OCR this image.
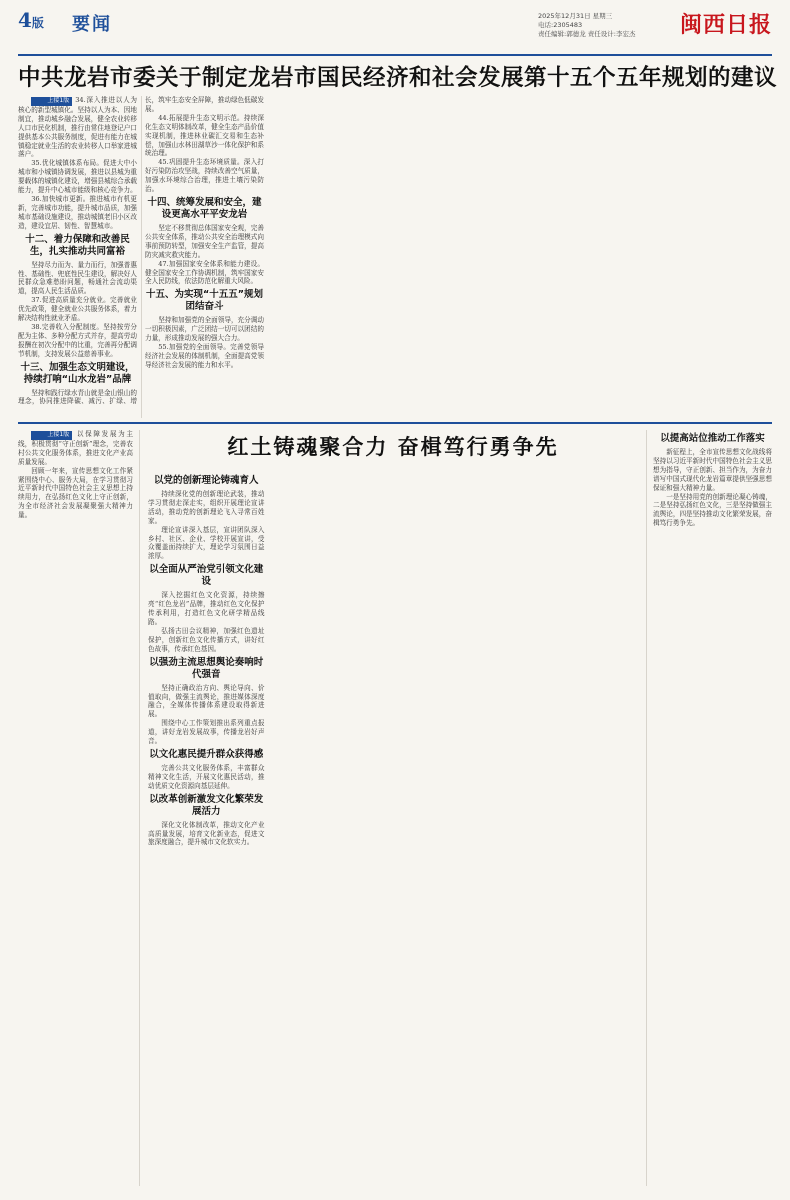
4版 要闻	2025年12月31日 星期三
电话:2305483
责任编辑:郭德龙 责任设计:李宏杰 闽西日报
中共龙岩市委关于制定龙岩市国民经济和社会发展第十五个五年规划的建议

上接1版 34.深入推进以人为核心的新型城镇化。坚持以人为本、因地制宜，推动城乡融合发展，健全农业转移人口市民化机制，推行由常住地登记户口提供基本公共服务制度，促进有能力在城镇稳定就业生活的农业转移人口举家进城落户。

35.优化城镇体系布局。促进大中小城市和小城镇协调发展，推进以县城为重要载体的城镇化建设，增强县城综合承载能力，提升中心城市能级和核心竞争力。

36.加快城市更新。推进城市有机更新，完善城市功能，提升城市品质，加强城市基础设施建设，推动城镇老旧小区改造，建设宜居、韧性、智慧城市。

十二、着力保障和改善民生，扎实推动共同富裕

坚持尽力而为、量力而行，加强普惠性、基础性、兜底性民生建设，解决好人民群众急难愁盼问题，畅通社会流动渠道，提高人民生活品质。

37.促进高质量充分就业。完善就业优先政策，健全就业公共服务体系，着力解决结构性就业矛盾。

38.完善收入分配制度。坚持按劳分配为主体、多种分配方式并存，提高劳动报酬在初次分配中的比重，完善再分配调节机制，支持发展公益慈善事业。

十三、加强生态文明建设，持续打响“山水龙岩”品牌

坚持和践行绿水青山就是金山银山的理念，协同推进降碳、减污、扩绿、增长，筑牢生态安全屏障，推动绿色低碳发展。

44.拓展提升生态文明示范。持续深化生态文明体制改革，健全生态产品价值实现机制，推进林业碳汇交易和生态补偿，加强山水林田湖草沙一体化保护和系统治理。

45.巩固提升生态环境质量。深入打好污染防治攻坚战，持续改善空气质量，加强水环境综合治理，推进土壤污染防治。

十四、统筹发展和安全，建设更高水平平安龙岩

坚定不移贯彻总体国家安全观，完善公共安全体系，推动公共安全治理模式向事前预防转型，加强安全生产监管，提高防灾减灾救灾能力。

47.加强国家安全体系和能力建设。健全国家安全工作协调机制，筑牢国家安全人民防线，依法防范化解重大风险。

十五、为实现“十五五”规划团结奋斗

坚持和加强党的全面领导，充分调动一切积极因素，广泛团结一切可以团结的力量，形成推动发展的强大合力。

55.加强党的全面领导。完善党领导经济社会发展的体制机制，全面提高党领导经济社会发展的能力和水平。

上接1版 以保障发展为主线，积极贯彻“守正创新”理念，完善农村公共文化服务体系，推进文化产业高质量发展。

回顾一年来，宣传思想文化工作紧紧围绕中心、服务大局，在学习贯彻习近平新时代中国特色社会主义思想上持续用力，在弘扬红色文化上守正创新，为全市经济社会发展凝聚强大精神力量。

红土铸魂聚合力 奋楫笃行勇争先
以党的创新理论铸魂育人

持续深化党的创新理论武装，推动学习贯彻走深走实，组织开展理论宣讲活动，推动党的创新理论飞入寻常百姓家。

理论宣讲深入基层，宣讲团队深入乡村、社区、企业、学校开展宣讲，受众覆盖面持续扩大，理论学习氛围日益浓厚。

以全面从严治党引领文化建设

深入挖掘红色文化资源，持续擦亮“红色龙岩”品牌，推动红色文化保护传承利用，打造红色文化研学精品线路。

弘扬古田会议精神，加强红色遗址保护，创新红色文化传播方式，讲好红色故事，传承红色基因。

以强劲主流思想舆论奏响时代强音

坚持正确政治方向、舆论导向、价值取向，做强主流舆论，推进媒体深度融合，全媒体传播体系建设取得新进展。

围绕中心工作策划推出系列重点报道，讲好龙岩发展故事，传播龙岩好声音。

以文化惠民提升群众获得感

完善公共文化服务体系，丰富群众精神文化生活，开展文化惠民活动，推动优质文化资源向基层延伸。

以改革创新激发文化繁荣发展活力

深化文化体制改革，推动文化产业高质量发展，培育文化新业态，促进文旅深度融合，提升城市文化软实力。

以提高站位推动工作落实

新征程上，全市宣传思想文化战线将坚持以习近平新时代中国特色社会主义思想为指导，守正创新、担当作为，为奋力谱写中国式现代化龙岩篇章提供坚强思想保证和强大精神力量。

一是坚持用党的创新理论凝心铸魂，二是坚持弘扬红色文化，三是坚持做强主流舆论，四是坚持推动文化繁荣发展，奋楫笃行勇争先。
